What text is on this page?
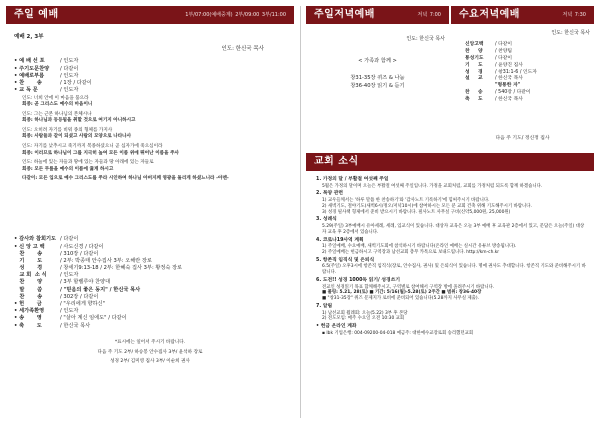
주일 예배	1부/07:00(예배중계) 2부/09:00 3부/11:00	주일저녁예배	저녁 7:00 수요저녁예배	저녁 7:30
교회 소식
예배 2, 3부
인도: 한신국 목사
• 예 배 선 포	/ 인도자
• 주기도문찬양	/ 다같이
• 예배로부름	/ 인도자
• 찬       송	/ 1장 / 다같이
• 교 독 문	/ 인도자

인도: 너희 안에 이 마음을 품으라

회중: 곧 그리스도 예수의 마음이니

인도: 그는 근본 하나님의 본체시나

회중: 하나님과 동등됨을 취할 것으로 여기지 아니하시고

인도: 오히려 자기를 비워 종의 형체를 가지사

회중: 사람들과 같이 되셨고 사람의 모양으로 나타나사

인도: 자기를 낮추시고 죽기까지 복종하셨으니 곧 십자가에 죽으심이라

회중: 이러므로 하나님이 그를 지극히 높여 모든 이름 위에 뛰어난 이름을 주사

인도: 하늘에 있는 자들과 땅에 있는 자들과 땅 아래에 있는 자들로

회중: 모든 무릎을 예수의 이름에 꿇게 하시고

다같이: 모든 입으로 예수 그리스도를 주라 시인하여 하나님 아버지께 영광을 돌리게 하셨느니라 -아멘-

• 감사와 참회기도 / 다같이
• 신 앙 고 백	/ 사도신경 / 다같이
찬       송	/ 310장 / 다같이
기       도	/ 2부: 박종태 안수집사 3부: 오해란 장로
성       경	/ 창세기9:13-18 / 2부: 한혜숙 집사 3부: 황정숙 장로
교 회  소 식	/ 인도자
찬       양	/ 3부 할렐루야 찬양대
말       씀	/ "믿음의 좋은 동지" / 한신국 목사
찬       송	/ 302장 / 다같이
• 헌       금	/ "우리에게 향하신"
• 세가족환영	/ 인도자
• 송       영	/ "살아 계신 임에도" / 다같이
• 축       도	/ 한신국 목사
*표시에는 일어서 주시기 바랍니다.
다음 주 기도 2부/ 하승봉 안수집사 3부/ 윤석하 장로
성경 2부/ 김미영 집사 3부/ 이순희 권사
인도: 한신국 목사
< 가족과 함께 >
창31-35장 퀴즈 & 나눔
창36-40장 읽기 & 듣기
인도: 한신국 목사
신앙고백	/ 다같이
찬     양	/ 찬양팀
통성기도	/ 다같이
기     도	/ 윤양진 집사
성     경	/ 창31:1-6 / 인도자
설     교	/ 한신국 목사
"형통한 자"
찬     송	/ 540장 / 다같이
축     도	/ 한신국 목사
다음 주 기도/ 정신정 집사
1. 가정의 달 / 부활절 여섯째 주일
5월은 가정의 달이며 오늘은 부활절 여섯째 주일입니다. 가정을 교회처럼, 교회를 가정처럼 되도록 함께 하겠습니다.
2. 목양 관련
1) 교우들께서는 '하루 말씀 한 찬송하기'와 '감사노트 기록하기'에 힘써주시기 바랍니다.
2) 새벽기도, 철야기도(새벽6시/정오/저녁10시)에 참여하시는 모든 분 교회 건축 위해 기도해주시기 바랍니다.
3) 성경 필사책 형제에서 준비 받으시기 바랍니다. 필사노트 사무실 구비(신약5,000원, 25,000원)
3. 성례식
5.29(주일) 3부예배시 유아세례, 세례, 입교식이 있습니다. 대상자 교육은 오늘 3부 예배 후 교육관 2층에서 있고, 문답은 오늘(주일) 대상자 교육 후 2층에서 있습니다.
4. 코로나19사역 계획
1) 주일예배, 수요예배, 새벽기도회에 참석하시기 바랍니다(온라인 예배는 실시간 유튜브 방송됩니다).
2) 주일예배는 헌금하시고 구역장과 남선교회 총무 카톡으로 보내드립니다. http://km-ch.kr
5. 항존직 임직식 및 은퇴식
6.5(주일) 오후3시에 항존직 임직식(장로, 안수집사, 권사) 및 은퇴식이 있습니다. 명예 권사도 추대합니다. 항존직 기도와 준비해주시기 바랍니다.
6. 도전!! 성경 1000독 읽기/ 성경쓰기
전교인 성경읽기 목표 함께해주시고, 구역별로 참여해서 구역장 방에 올려주시기 바랍니다.
■ 폴링: 5.21, 28(토) ■ 기간: 5/16(월)-5.28(토) 2주간 ■ 범위: 창36-40장
■ "창31-35장" 퀴즈 문제지가 로비에 준비되어 있습니다(5.28까지 사무실 제출).
7. 알림
1) 남선교회 월례회: 오늘(5.22) 3부 후 본당
2) 전도모임: 매주 수요일 오전 10:30 교회
• 헌금 온라인 계좌
▪ Ibk 기업은행: 004-09200-04-018 예금주: 대한예수교장로회 승리했던교회
